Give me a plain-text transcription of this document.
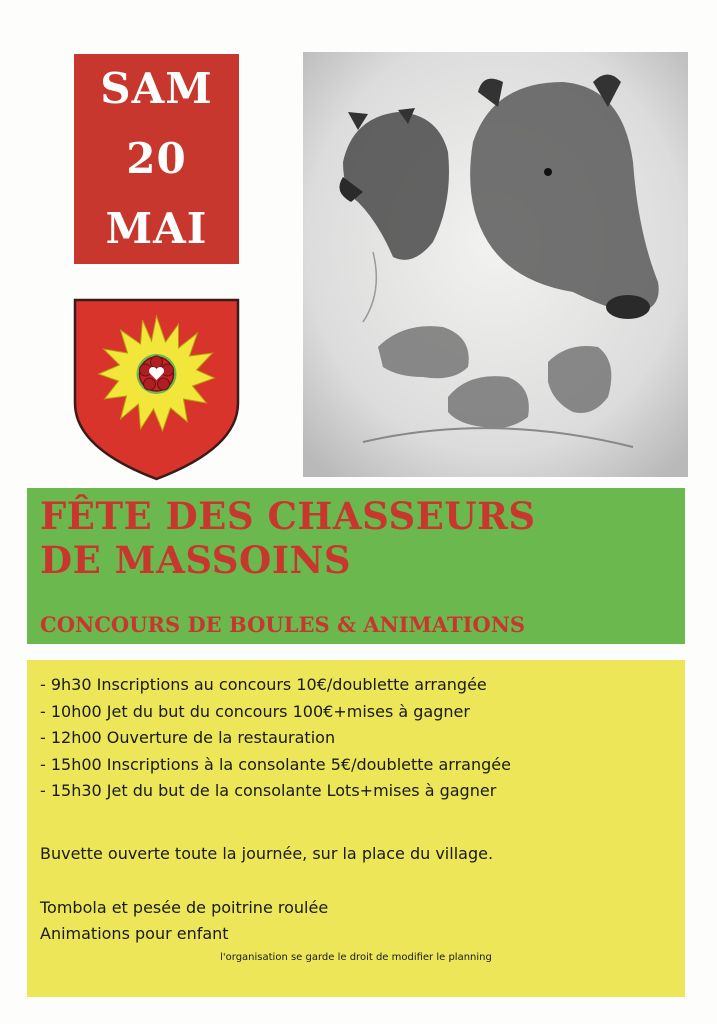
SAM
20
MAI
FÊTE DES CHASSEURS
DE MASSOINS
CONCOURS DE BOULES & ANIMATIONS
- 9h30 Inscriptions au concours 10€/doublette arrangée
- 10h00 Jet du but du concours 100€+mises à gagner
- 12h00 Ouverture de la restauration
- 15h00 Inscriptions à la consolante 5€/doublette arrangée
- 15h30 Jet du but de la consolante Lots+mises à gagner

Buvette ouverte toute la journée, sur la place du village.

Tombola et pesée de poitrine roulée

Animations pour enfant

l'organisation se garde le droit de modifier le planning
